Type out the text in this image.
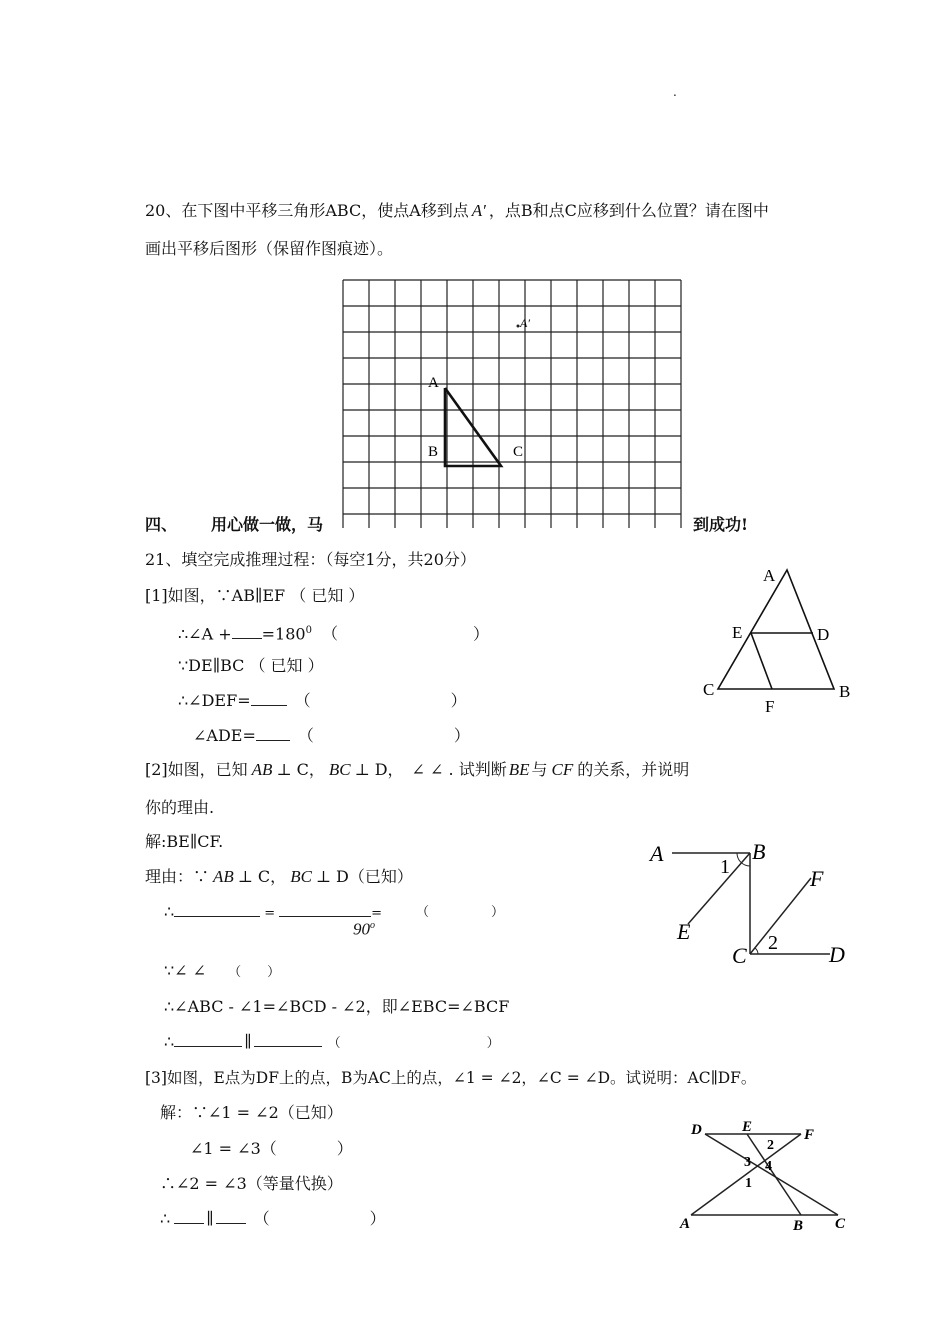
.
20、在下图中平移三角形ABC，使点A移到点 A′ ，点B和点C应移到什么位置？请在图中
画出平移后图形（保留作图痕迹）。
A
B	C
A′
四、 用心做一做，马	到成功!
21、填空完成推理过程：（每空1分，共20分）
[1]如图，∵AB∥EF （ 已知 ）
∴∠A + $=180^0$ （	）
∵DE∥BC （ 已知 ）
∴∠DEF=	（	）
∠ADE=	（	）
A
E	D
C
F
B
[2]如图，已知 AB ⊥ C， BC ⊥ D， ∠ ∠ . 试判断 BE 与 CF 的关系，并说明
你的理由.
解:BE∥CF.
理由：∵ AB ⊥ C， BC ⊥ D（已知）
∴	=	=
$90^o$
（	）
∵∠ ∠ （ ）
∴∠ABC - ∠1=∠BCD - ∠2，即∠EBC=∠BCF
∴	∥	（	）
A	B
1
E
F
C 2 D
[3]如图，E点为DF上的点，B为AC上的点，∠1 = ∠2，∠C = ∠D。试说明：AC∥DF。
解：∵∠1 = ∠2（已知）
∠1 = ∠3（	）
∴∠2 = ∠3（等量代换）
∴ ∥	（	）
D	E	F
2
3 4
1
A	B C
